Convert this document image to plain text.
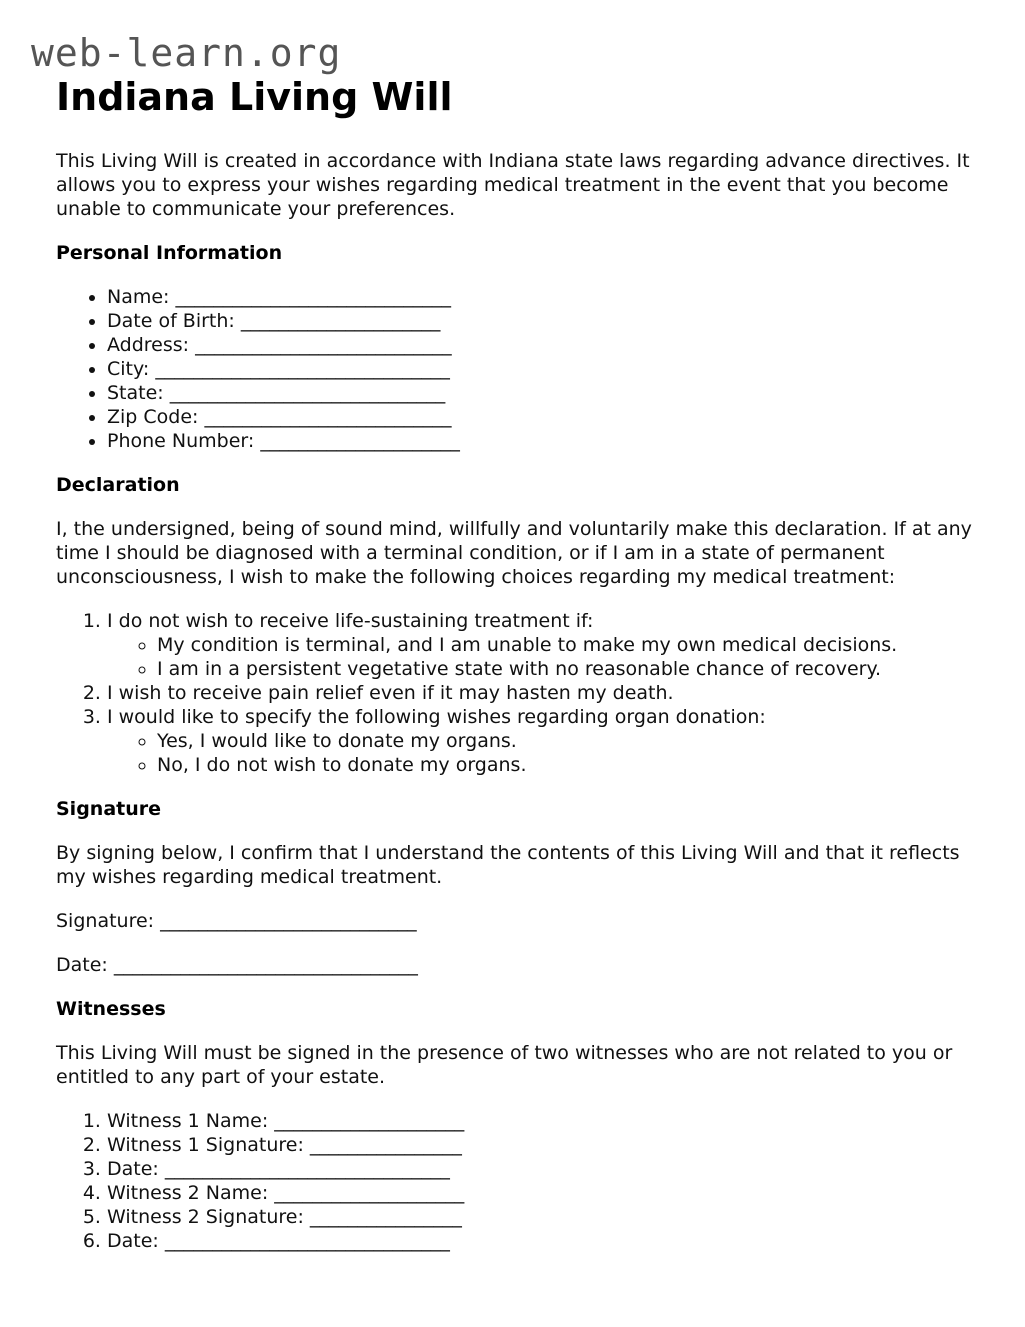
web-learn.org
Indiana Living Will

This Living Will is created in accordance with Indiana state laws regarding advance directives. It allows you to express your wishes regarding medical treatment in the event that you become unable to communicate your preferences.

Personal Information
• Name: _____________________________
• Date of Birth: _____________________
• Address: ___________________________
• City: _______________________________
• State: _____________________________
• Zip Code: __________________________
• Phone Number: _____________________
Declaration

I, the undersigned, being of sound mind, willfully and voluntarily make this declaration. If at any time I should be diagnosed with a terminal condition, or if I am in a state of permanent unconsciousness, I wish to make the following choices regarding my medical treatment:

1. I do not wish to receive life-sustaining treatment if:
◦ My condition is terminal, and I am unable to make my own medical decisions.
◦ I am in a persistent vegetative state with no reasonable chance of recovery.
2. I wish to receive pain relief even if it may hasten my death.
3. I would like to specify the following wishes regarding organ donation:
◦ Yes, I would like to donate my organs.
◦ No, I do not wish to donate my organs.
Signature

By signing below, I confirm that I understand the contents of this Living Will and that it reflects my wishes regarding medical treatment.

Signature: ___________________________

Date: ________________________________

Witnesses

This Living Will must be signed in the presence of two witnesses who are not related to you or entitled to any part of your estate.

1. Witness 1 Name: ____________________
2. Witness 1 Signature: ________________
3. Date: ______________________________
4. Witness 2 Name: ____________________
5. Witness 2 Signature: ________________
6. Date: ______________________________
